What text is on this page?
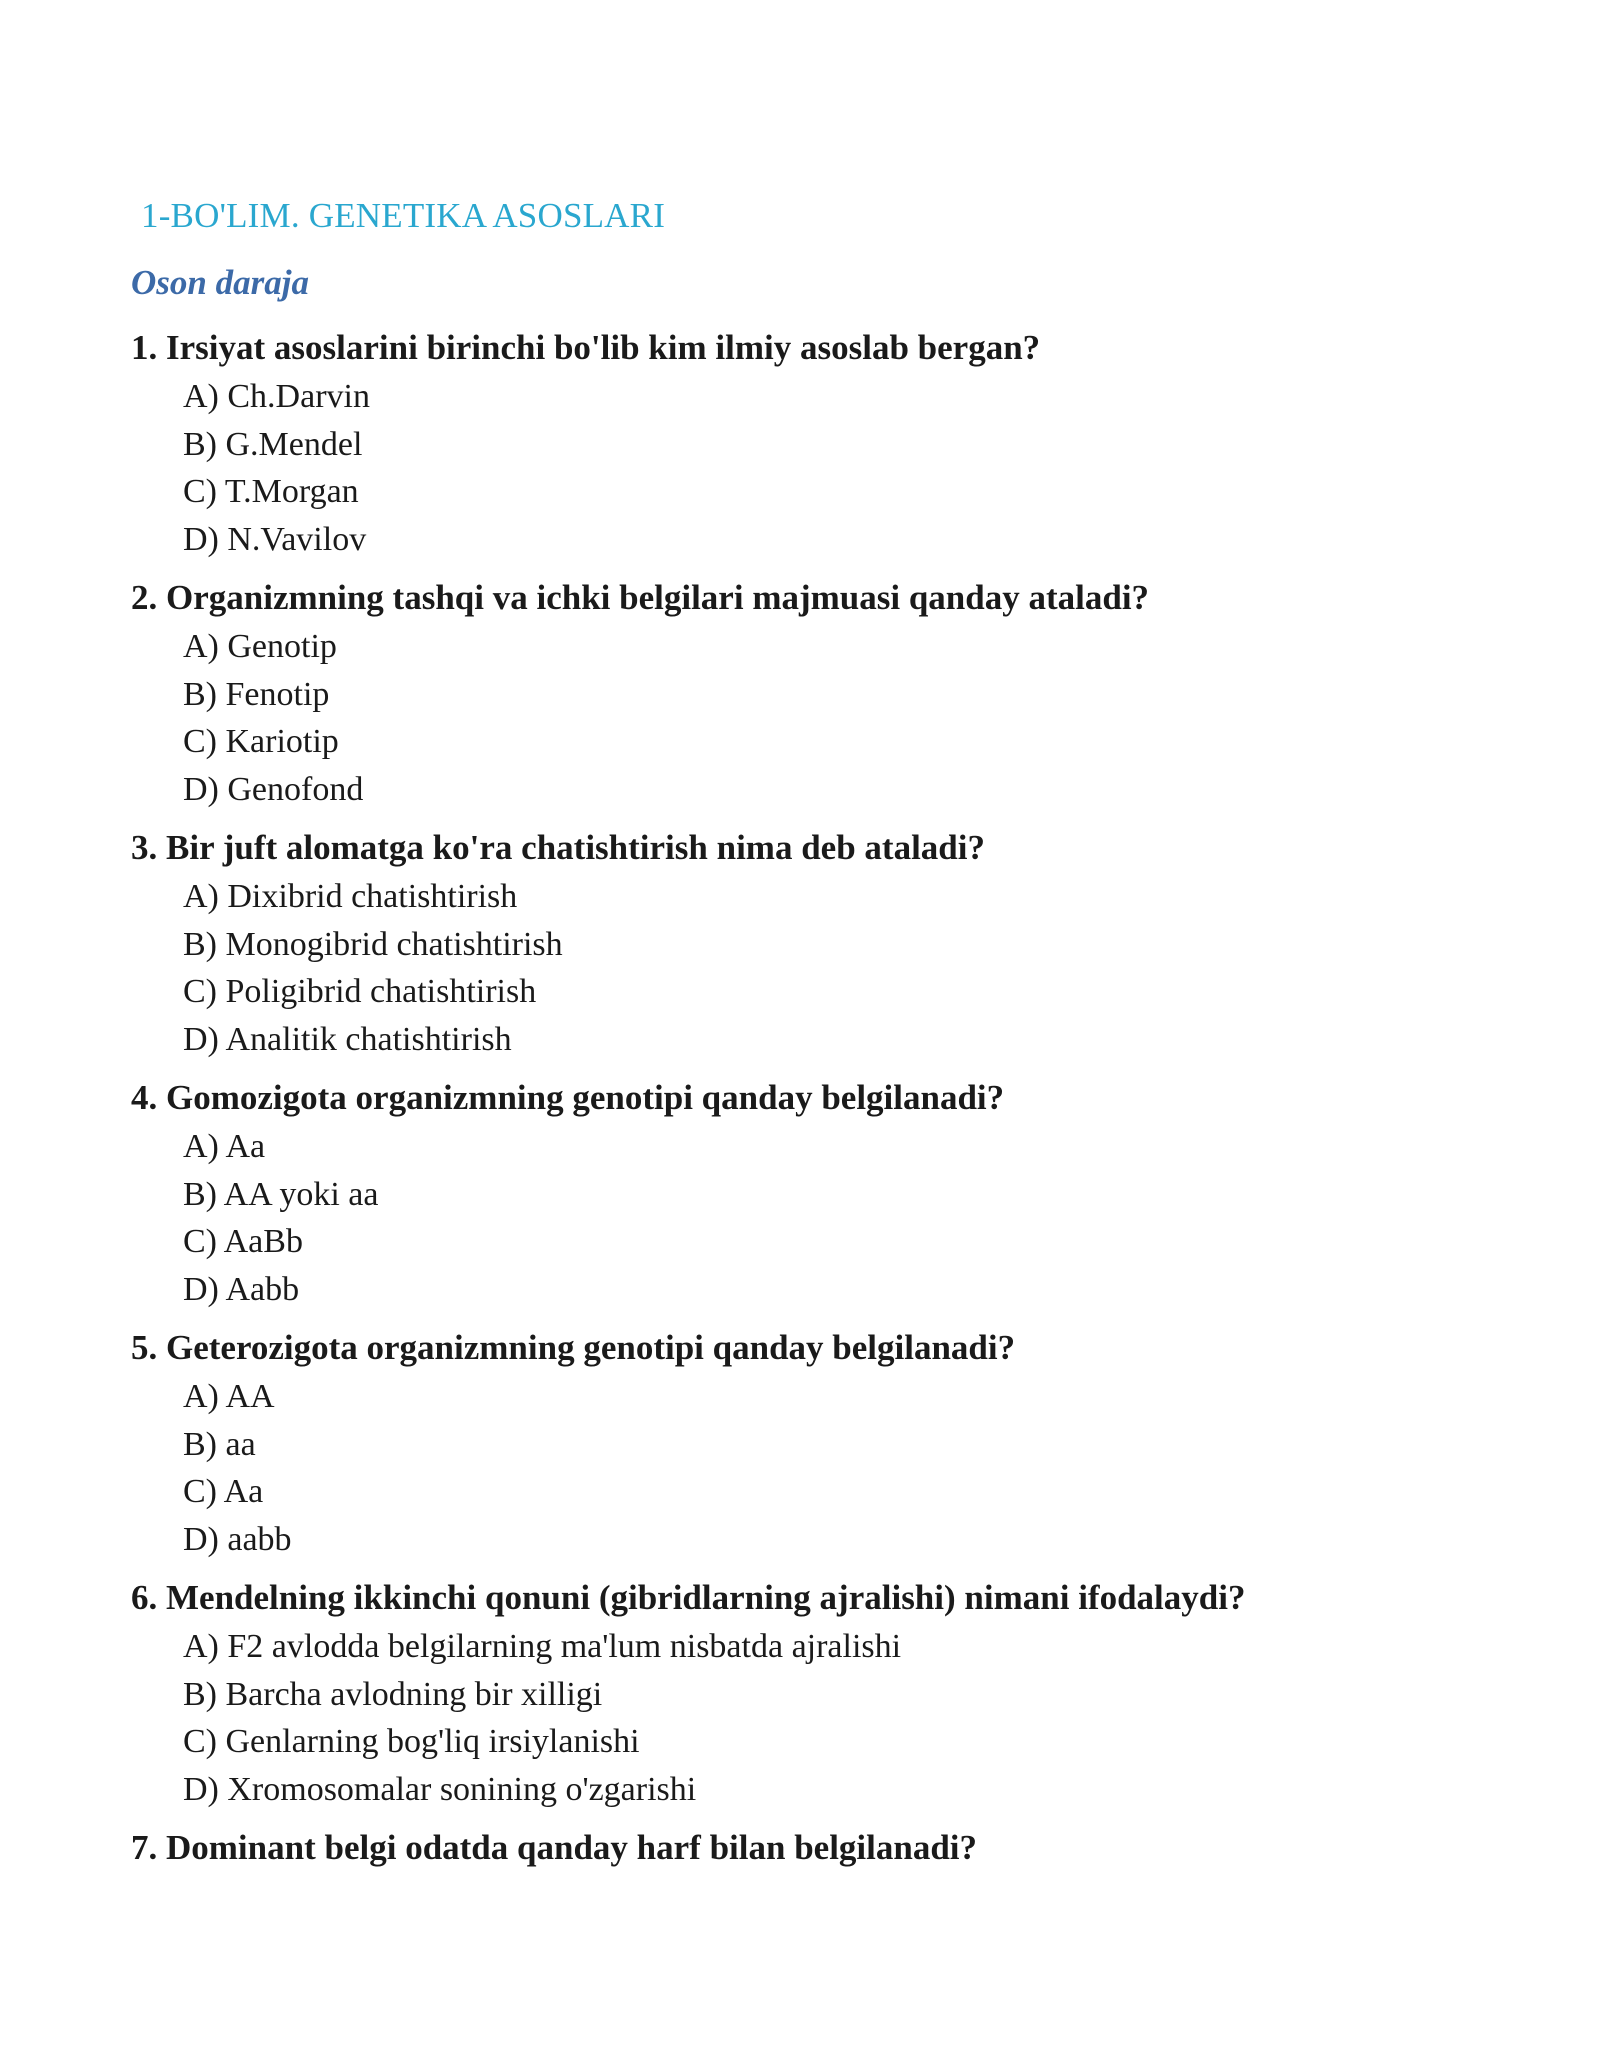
1-BO'LIM. GENETIKA ASOSLARI
Oson daraja
1. Irsiyat asoslarini birinchi bo'lib kim ilmiy asoslab bergan?
A) Ch.Darvin
B) G.Mendel
C) T.Morgan
D) N.Vavilov
2. Organizmning tashqi va ichki belgilari majmuasi qanday ataladi?
A) Genotip
B) Fenotip
C) Kariotip
D) Genofond
3. Bir juft alomatga ko'ra chatishtirish nima deb ataladi?
A) Dixibrid chatishtirish
B) Monogibrid chatishtirish
C) Poligibrid chatishtirish
D) Analitik chatishtirish
4. Gomozigota organizmning genotipi qanday belgilanadi?
A) Aa
B) AA yoki aa
C) AaBb
D) Aabb
5. Geterozigota organizmning genotipi qanday belgilanadi?
A) AA
B) aa
C) Aa
D) aabb
6. Mendelning ikkinchi qonuni (gibridlarning ajralishi) nimani ifodalaydi?
A) F2 avlodda belgilarning ma'lum nisbatda ajralishi
B) Barcha avlodning bir xilligi
C) Genlarning bog'liq irsiylanishi
D) Xromosomalar sonining o'zgarishi
7. Dominant belgi odatda qanday harf bilan belgilanadi?
